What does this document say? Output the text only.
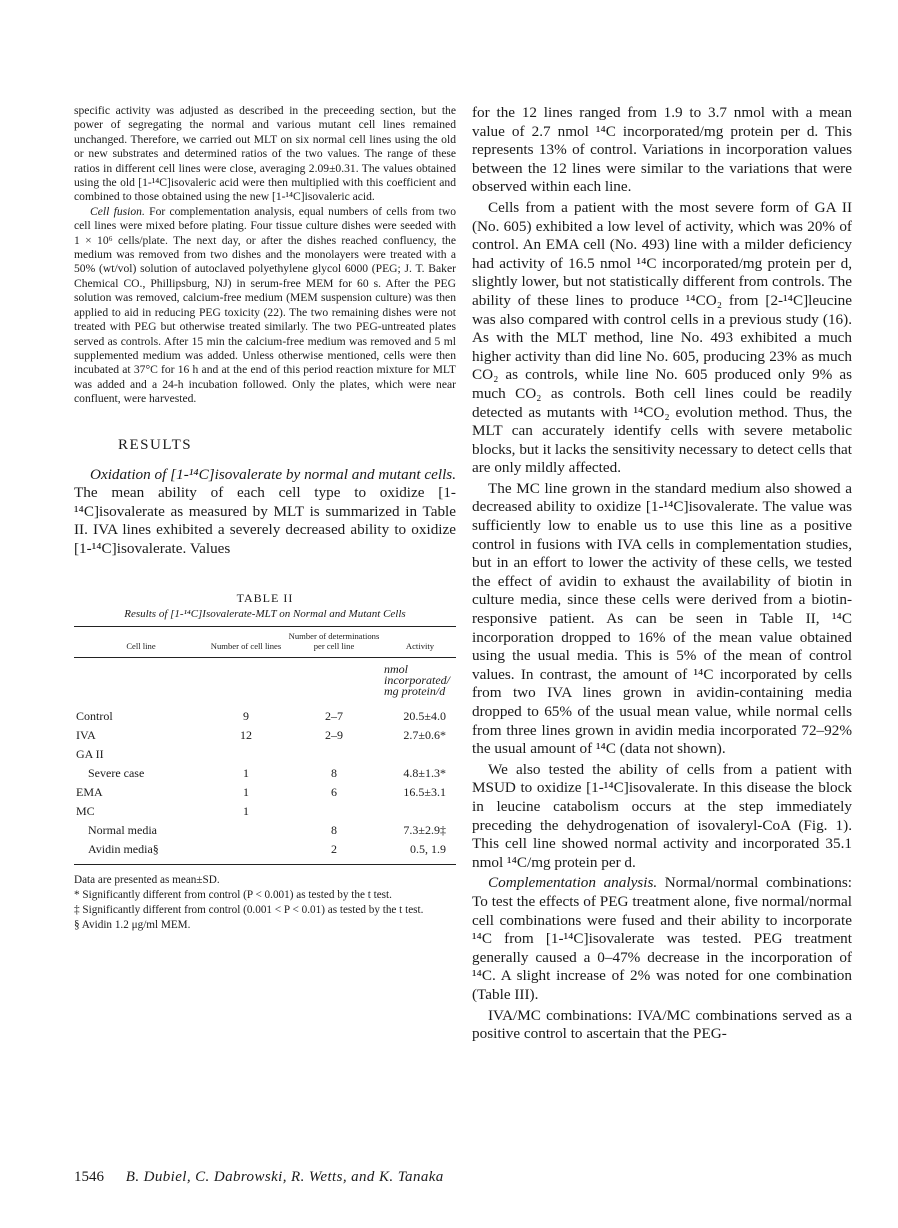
specific activity was adjusted as described in the preceeding section, but the power of segregating the normal and various mutant cell lines remained unchanged. Therefore, we carried out MLT on six normal cell lines using the old or new substrates and determined ratios of the two values. The range of these ratios in different cell lines were close, averaging 2.09±0.31. The values obtained using the old [1-¹⁴C]isovaleric acid were then multiplied with this coefficient and combined to those obtained using the new [1-¹⁴C]isovaleric acid.

Cell fusion. For complementation analysis, equal numbers of cells from two cell lines were mixed before plating. Four tissue culture dishes were seeded with 1 × 10⁶ cells/plate. The next day, or after the dishes reached confluency, the medium was removed from two dishes and the monolayers were treated with a 50% (wt/vol) solution of autoclaved polyethylene glycol 6000 (PEG; J. T. Baker Chemical CO., Phillipsburg, NJ) in serum-free MEM for 60 s. After the PEG solution was removed, calcium-free medium (MEM suspension culture) was then applied to aid in reducing PEG toxicity (22). The two remaining dishes were not treated with PEG but otherwise treated similarly. The two PEG-untreated plates served as controls. After 15 min the calcium-free medium was removed and 5 ml supplemented medium was added. Unless otherwise mentioned, cells were then incubated at 37°C for 16 h and at the end of this period reaction mixture for MLT was added and a 24-h incubation followed. Only the plates, which were near confluent, were harvested.

RESULTS

Oxidation of [1-¹⁴C]isovalerate by normal and mutant cells. The mean ability of each cell type to oxidize [1-¹⁴C]isovalerate as measured by MLT is summarized in Table II. IVA lines exhibited a severely decreased ability to oxidize [1-¹⁴C]isovalerate. Values

TABLE II
Results of [1-¹⁴C]Isovalerate-MLT on Normal and Mutant Cells
Cell line	Number of cell lines	Number of determinations per cell line	Activity
			nmol incorporated/ mg protein/d
Control	9	2–7	20.5±4.0
IVA	12	2–9	2.7±0.6*
GA II			
Severe case	1	8	4.8±1.3*
EMA	1	6	16.5±3.1
MC	1		
Normal media		8	7.3±2.9‡
Avidin media§		2	0.5, 1.9
Data are presented as mean±SD.
* Significantly different from control (P < 0.001) as tested by the t test.
‡ Significantly different from control (0.001 < P < 0.01) as tested by the t test.
§ Avidin 1.2 μg/ml MEM.

for the 12 lines ranged from 1.9 to 3.7 nmol with a mean value of 2.7 nmol ¹⁴C incorporated/mg protein per d. This represents 13% of control. Variations in incorporation values between the 12 lines were similar to the variations that were observed within each line.

Cells from a patient with the most severe form of GA II (No. 605) exhibited a low level of activity, which was 20% of control. An EMA cell (No. 493) line with a milder deficiency had activity of 16.5 nmol ¹⁴C incorporated/mg protein per d, slightly lower, but not statistically different from controls. The ability of these lines to produce ¹⁴CO₂ from [2-¹⁴C]leucine was also compared with control cells in a previous study (16). As with the MLT method, line No. 493 exhibited a much higher activity than did line No. 605, producing 23% as much CO₂ as controls, while line No. 605 produced only 9% as much CO₂ as controls. Both cell lines could be readily detected as mutants with ¹⁴CO₂ evolution method. Thus, the MLT can accurately identify cells with severe metabolic blocks, but it lacks the sensitivity necessary to detect cells that are only mildly affected.

The MC line grown in the standard medium also showed a decreased ability to oxidize [1-¹⁴C]isovalerate. The value was sufficiently low to enable us to use this line as a positive control in fusions with IVA cells in complementation studies, but in an effort to lower the activity of these cells, we tested the effect of avidin to exhaust the availability of biotin in culture media, since these cells were derived from a biotin-responsive patient. As can be seen in Table II, ¹⁴C incorporation dropped to 16% of the mean value obtained using the usual media. This is 5% of the mean of control values. In contrast, the amount of ¹⁴C incorporated by cells from two IVA lines grown in avidin-containing media dropped to 65% of the usual mean value, while normal cells from three lines grown in avidin media incorporated 72–92% the usual amount of ¹⁴C (data not shown).

We also tested the ability of cells from a patient with MSUD to oxidize [1-¹⁴C]isovalerate. In this disease the block in leucine catabolism occurs at the step immediately preceding the dehydrogenation of isovaleryl-CoA (Fig. 1). This cell line showed normal activity and incorporated 35.1 nmol ¹⁴C/mg protein per d.

Complementation analysis. Normal/normal combinations: To test the effects of PEG treatment alone, five normal/normal cell combinations were fused and their ability to incorporate ¹⁴C from [1-¹⁴C]isovalerate was tested. PEG treatment generally caused a 0–47% decrease in the incorporation of ¹⁴C. A slight increase of 2% was noted for one combination (Table III).

IVA/MC combinations: IVA/MC combinations served as a positive control to ascertain that the PEG-

1546 B. Dubiel, C. Dabrowski, R. Wetts, and K. Tanaka
